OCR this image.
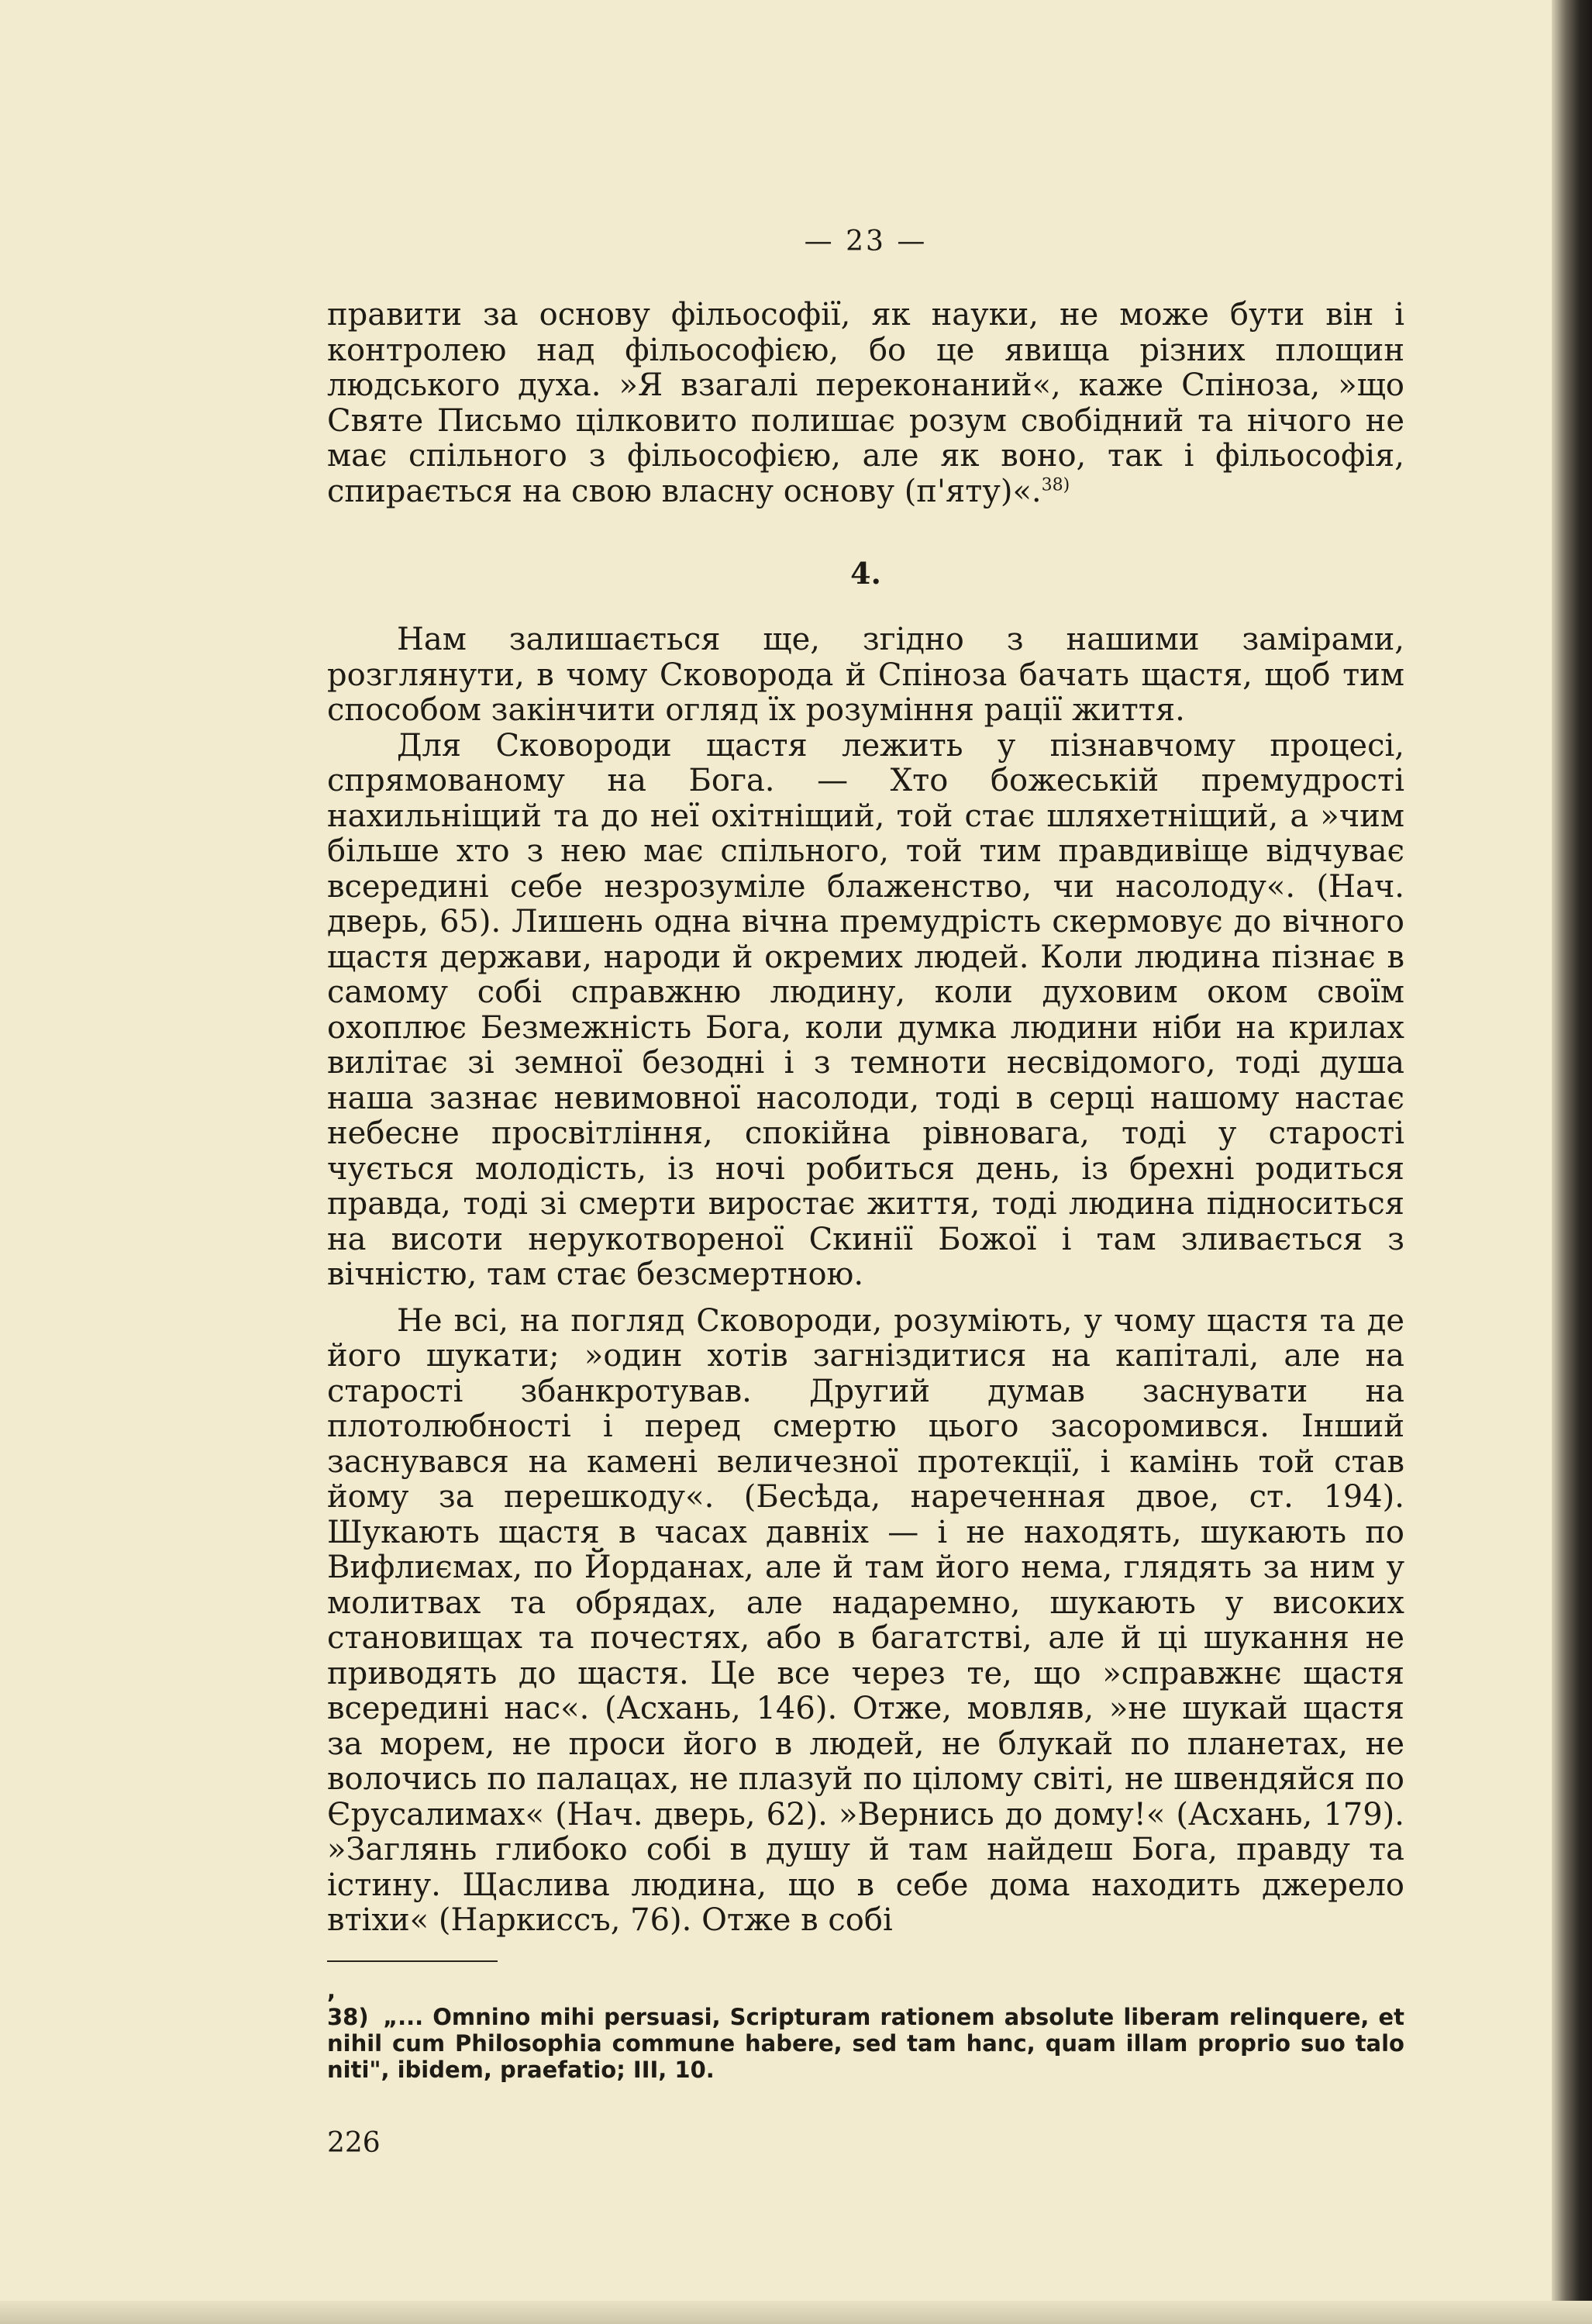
— 23 —

правити за основу фільософії, як науки, не може бути він і контролею над фільософією, бо це явища різних площин людського духа. »Я взагалі переконаний«, каже Спіноза, »що Святе Письмо цілковито полишає розум свобідний та нічого не має спільного з фільософією, але як воно, так і фільософія, спирається на свою власну основу (п'яту)«.$^{38)}$

4.

Нам залишається ще, згідно з нашими замірами, розглянути, в чому Сковорода й Спіноза бачать щастя, щоб тим способом закінчити огляд їх розуміння рації життя.

Для Сковороди щастя лежить у пізнавчому процесі, спрямованому на Бога. — Хто божеській премудрості нахильніщий та до неї охітніщий, той стає шляхетніщий, а »чим більше хто з нею має спільного, той тим правдивіще відчуває всередині себе незрозуміле блаженство, чи насолоду«. (Нач. дверь, 65). Лишень одна вічна премудрість скермовує до вічного щастя держави, народи й окремих людей. Коли людина пізнає в самому собі справжню людину, коли духовим оком своїм охоплює Безмежність Бога, коли думка людини ніби на крилах вилітає зі земної безодні і з темноти несвідомого, тоді душа наша зазнає невимовної насолоди, тоді в серці нашому настає небесне просвітління, спокійна рівновага, тоді у старості чується молодість, із ночі робиться день, із брехні родиться правда, тоді зі смерти виростає життя, тоді людина підноситься на висоти нерукотвореної Скинії Божої і там зливається з вічністю, там стає безсмертною.

Не всі, на погляд Сковороди, розуміють, у чому щастя та де його шукати; »один хотів загніздитися на капіталі, але на старості збанкротував. Другий думав заснувати на плотолюбності і перед смертю цього засоромився. Інший заснувався на камені величезної протекції, і камінь той став йому за перешкоду«. (Бесѣда, нареченная двое, ст. 194). Шукають щастя в часах давніх — і не находять, шукають по Вифлиємах, по Йорданах, але й там його нема, глядять за ним у молитвах та обрядах, але надаремно, шукають у високих становищах та почестях, або в багатстві, але й ці шукання не приводять до щастя. Це все через те, що »справжнє щастя всередині нас«. (Асхань, 146). Отже, мовляв, »не шукай щастя за морем, не проси його в людей, не блукай по планетах, не волочись по палацах, не плазуй по цілому світі, не швендяйся по Єрусалимах« (Нач. дверь, 62). »Вернись до дому!« (Асхань, 179). »Заглянь глибоко собі в душу й там найдеш Бога, правду та істину. Щаслива людина, що в себе дома находить джерело втіхи« (Наркиссъ, 76). Отже в собі

, 38) „... Omnino mihi persuasi, Scripturam rationem absolute liberam relinquere, et nihil cum Philosophia commune habere, sed tam hanc, quam illam proprio suo talo niti", ibidem, praefatio; III, 10.

226
